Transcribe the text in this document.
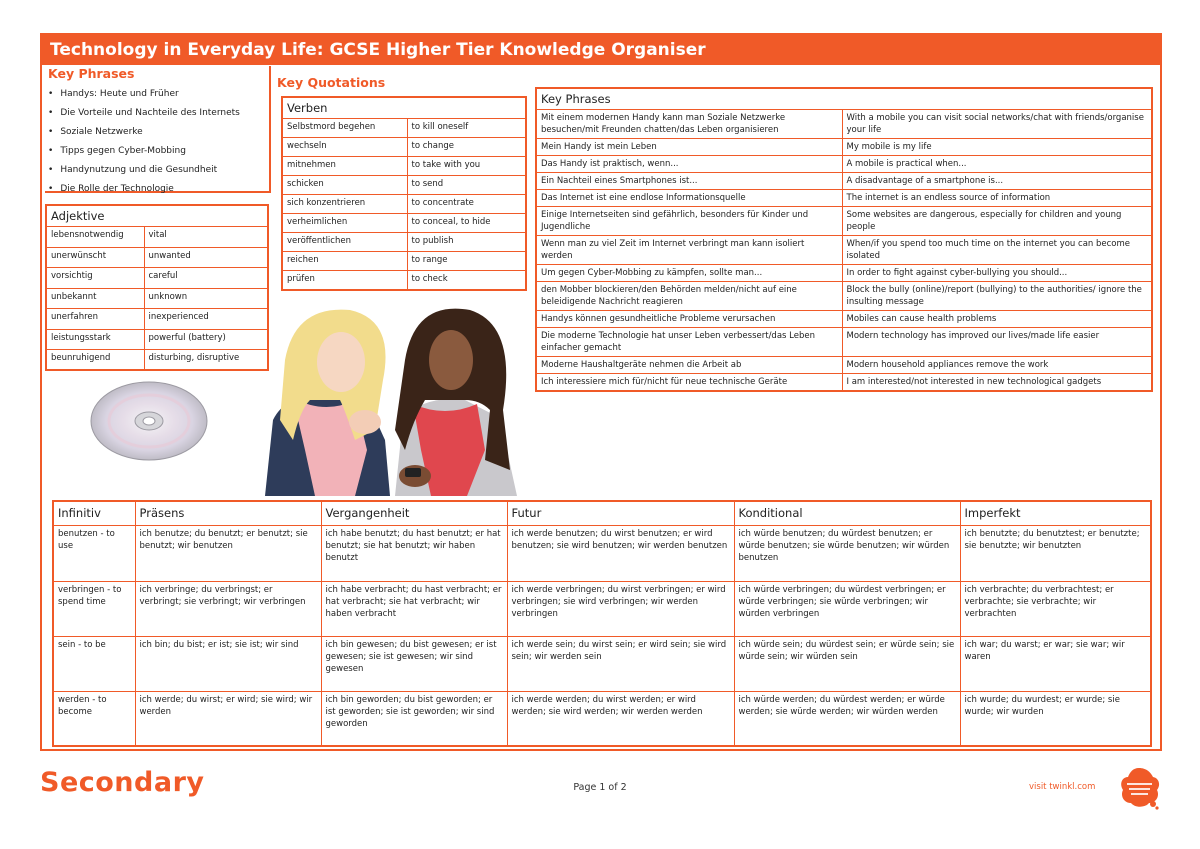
Technology in Everyday Life: GCSE Higher Tier Knowledge Organiser
Key Phrases
• Handys: Heute und Früher
• Die Vorteile und Nachteile des Internets
• Soziale Netzwerke
• Tipps gegen Cyber-Mobbing
• Handynutzung und die Gesundheit
• Die Rolle der Technologie
Adjektive	
lebensnotwendig	vital
unerwünscht	unwanted
vorsichtig	careful
unbekannt	unknown
unerfahren	inexperienced
leistungsstark	powerful (battery)
beunruhigend	disturbing, disruptive
Key Quotations
Verben	
Selbstmord begehen	to kill oneself
wechseln	to change
mitnehmen	to take with you
schicken	to send
sich konzentrieren	to concentrate
verheimlichen	to conceal, to hide
veröffentlichen	to publish
reichen	to range
prüfen	to check
Key Phrases	
Mit einem modernen Handy kann man Soziale Netzwerke besuchen/mit Freunden chatten/das Leben organisieren	With a mobile you can visit social networks/chat with friends/organise your life
Mein Handy ist mein Leben	My mobile is my life
Das Handy ist praktisch, wenn...	A mobile is practical when...
Ein Nachteil eines Smartphones ist...	A disadvantage of a smartphone is...
Das Internet ist eine endlose Informationsquelle	The internet is an endless source of information
Einige Internetseiten sind gefährlich, besonders für Kinder und Jugendliche	Some websites are dangerous, especially for children and young people
Wenn man zu viel Zeit im Internet verbringt man kann isoliert werden	When/if you spend too much time on the internet you can become isolated
Um gegen Cyber-Mobbing zu kämpfen, sollte man...	In order to fight against cyber-bullying you should...
den Mobber blockieren/den Behörden melden/nicht auf eine beleidigende Nachricht reagieren	Block the bully (online)/report (bullying) to the authorities/ ignore the insulting message
Handys können gesundheitliche Probleme verursachen	Mobiles can cause health problems
Die moderne Technologie hat unser Leben verbessert/das Leben einfacher gemacht	Modern technology has improved our lives/made life easier
Moderne Haushaltgeräte nehmen die Arbeit ab	Modern household appliances remove the work
Ich interessiere mich für/nicht für neue technische Geräte	I am interested/not interested in new technological gadgets
Infinitiv	Präsens	Vergangenheit	Futur	Konditional	Imperfekt
benutzen - to use	ich benutze; du benutzt; er benutzt; sie benutzt; wir benutzen	ich habe benutzt; du hast benutzt; er hat benutzt; sie hat benutzt; wir haben benutzt	ich werde benutzen; du wirst benutzen; er wird benutzen; sie wird benutzen; wir werden benutzen	ich würde benutzen; du würdest benutzen; er würde benutzen; sie würde benutzen; wir würden benutzen	ich benutzte; du benutztest; er benutzte; sie benutzte; wir benutzten
verbringen - to spend time	ich verbringe; du verbringst; er verbringt; sie verbringt; wir verbringen	ich habe verbracht; du hast verbracht; er hat verbracht; sie hat verbracht; wir haben verbracht	ich werde verbringen; du wirst verbringen; er wird verbringen; sie wird verbringen; wir werden verbringen	ich würde verbringen; du würdest verbringen; er würde verbringen; sie würde verbringen; wir würden verbringen	ich verbrachte; du verbrachtest; er verbrachte; sie verbrachte; wir verbrachten
sein - to be	ich bin; du bist; er ist; sie ist; wir sind	ich bin gewesen; du bist gewesen; er ist gewesen; sie ist gewesen; wir sind gewesen	ich werde sein; du wirst sein; er wird sein; sie wird sein; wir werden sein	ich würde sein; du würdest sein; er würde sein; sie würde sein; wir würden sein	ich war; du warst; er war; sie war; wir waren
werden - to become	ich werde; du wirst; er wird; sie wird; wir werden	ich bin geworden; du bist geworden; er ist geworden; sie ist geworden; wir sind geworden	ich werde werden; du wirst werden; er wird werden; sie wird werden; wir werden werden	ich würde werden; du würdest werden; er würde werden; sie würde werden; wir würden werden	ich wurde; du wurdest; er wurde; sie wurde; wir wurden
Secondary	Page 1 of 2	visit twinkl.com
